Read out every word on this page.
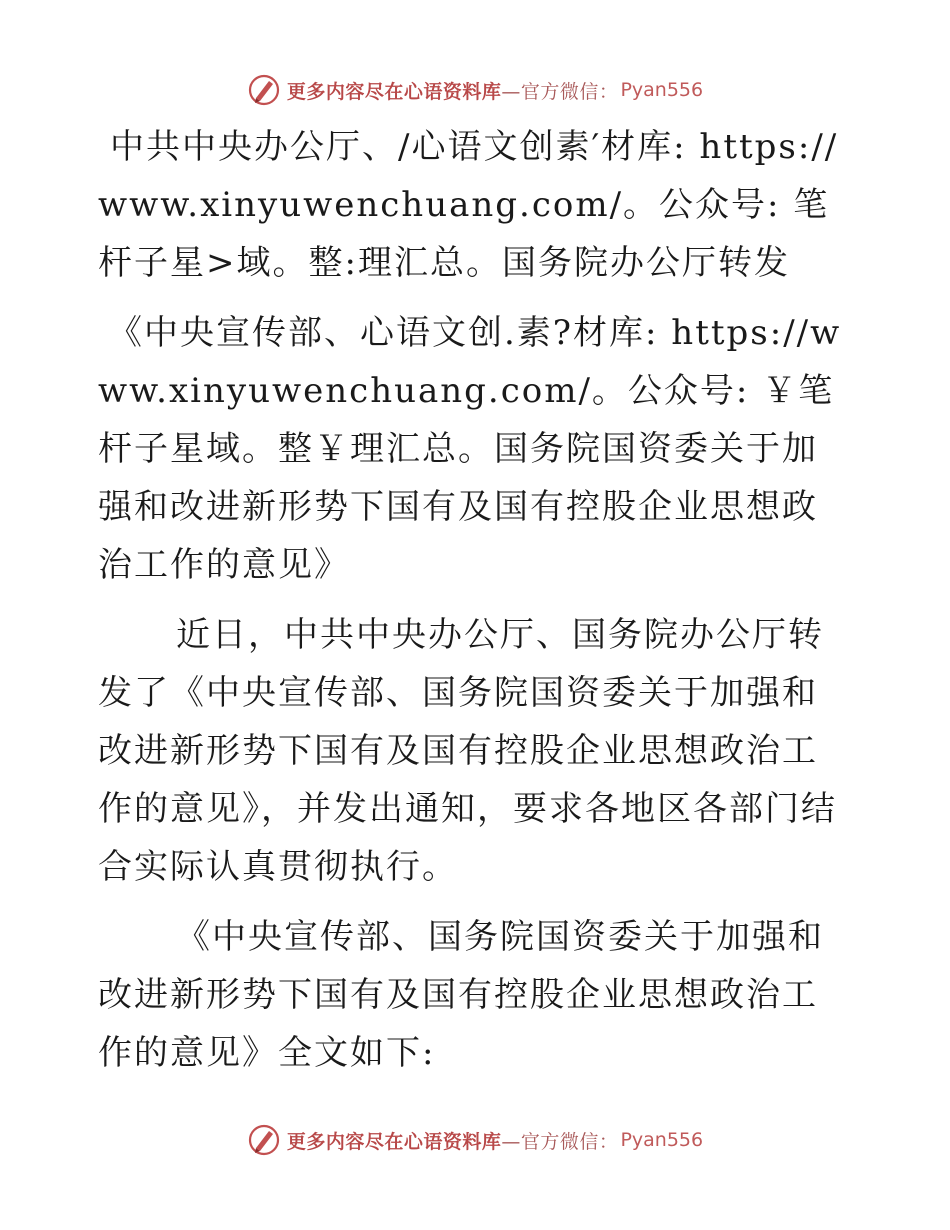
更多内容尽在心语资料库 —官方微信： Pyan556

中共中央办公厅、/心语文创素′材库: https://www.xinyuwenchuang.com/。公众号: 笔杆子星>域。整:理汇总。国务院办公厅转发

《中央宣传部、心语文创.素?材库: https://www.xinyuwenchuang.com/。公众号: ￥笔杆子星域。整￥理汇总。国务院国资委关于加强和改进新形势下国有及国有控股企业思想政治工作的意见》

近日，中共中央办公厅、国务院办公厅转发了《中央宣传部、国务院国资委关于加强和改进新形势下国有及国有控股企业思想政治工作的意见》，并发出通知，要求各地区各部门结合实际认真贯彻执行。

《中央宣传部、国务院国资委关于加强和改进新形势下国有及国有控股企业思想政治工作的意见》全文如下:

更多内容尽在心语资料库 —官方微信： Pyan556
